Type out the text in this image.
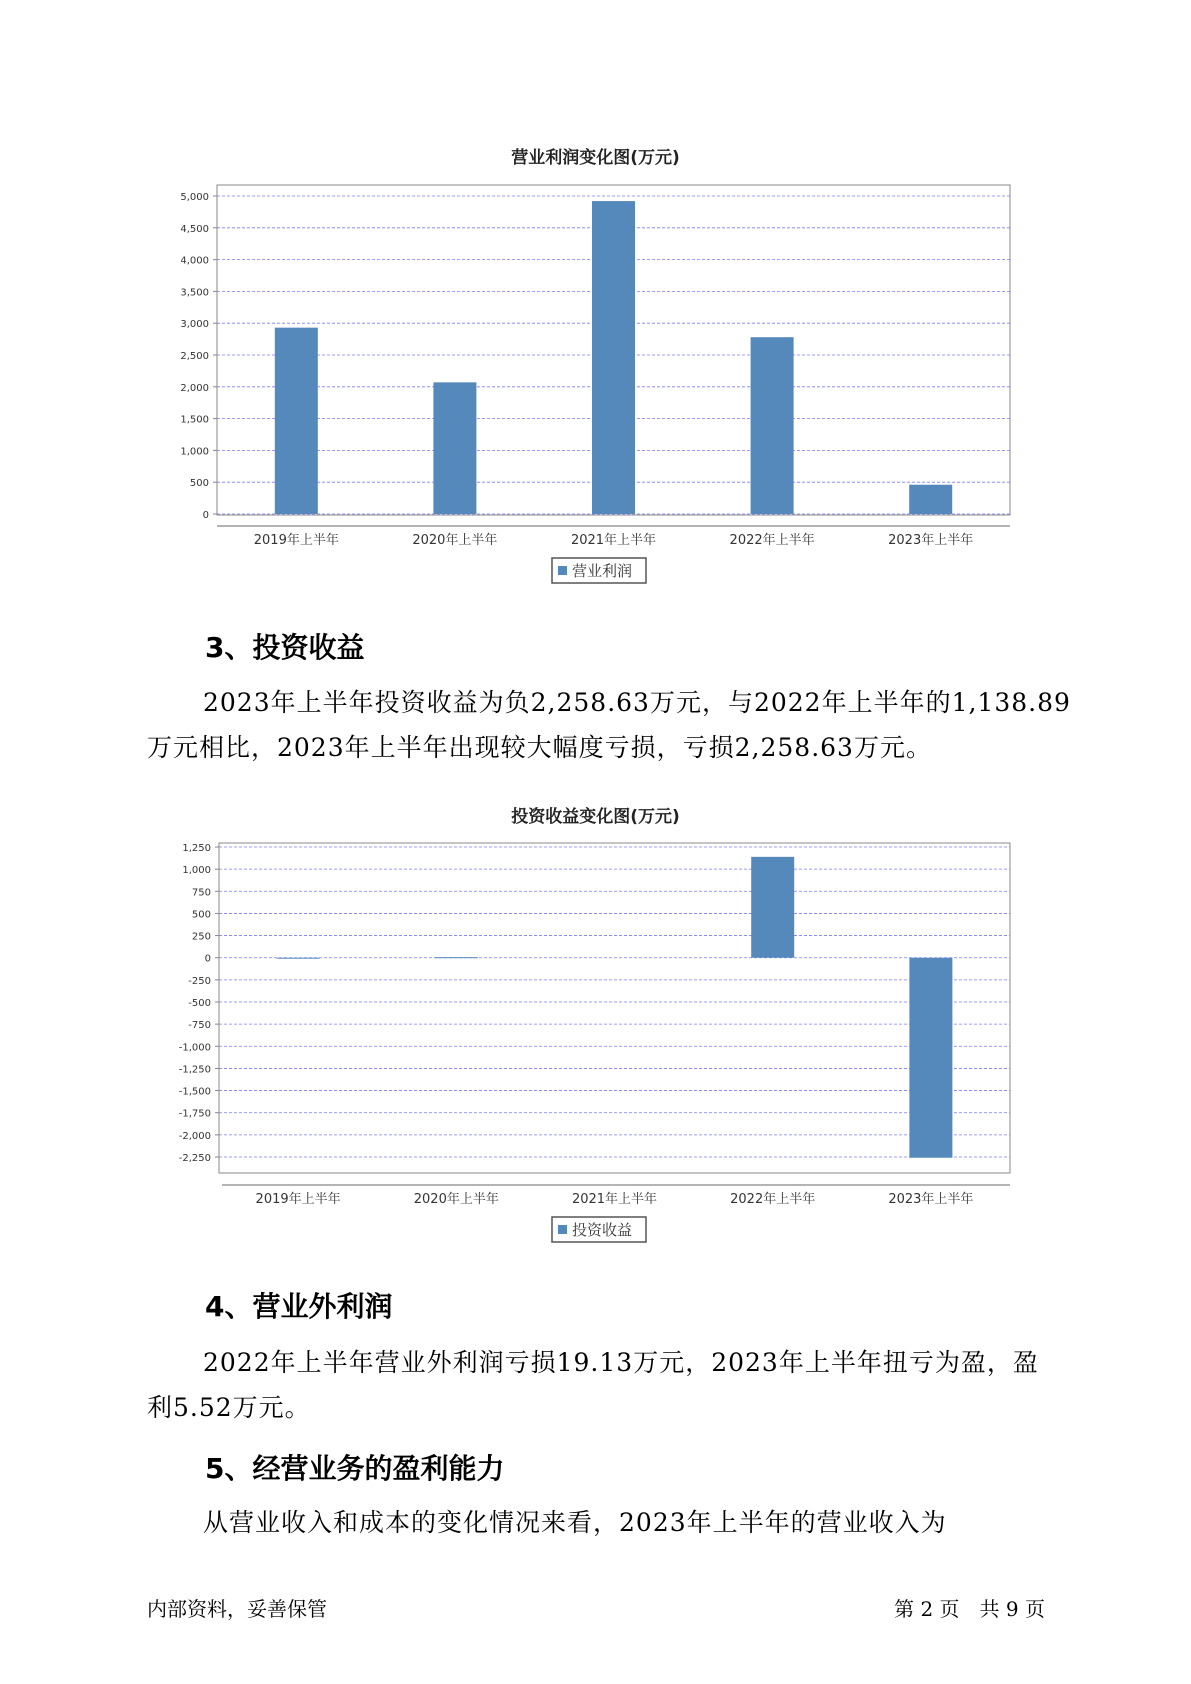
营业利润变化图(万元)
0
500
1,000
1,500
2,000
2,500
3,000
3,500
4,000
4,500
5,000
2019年上半年	2020年上半年	2021年上半年	2022年上半年	2023年上半年
营业利润
3、投资收益

2023年上半年投资收益为负2,258.63万元，与2022年上半年的1,138.89
万元相比，2023年上半年出现较大幅度亏损，亏损2,258.63万元。

投资收益变化图(万元)
1,250
1,000
750
500
250
0
-250
-500
-750
-1,000
-1,250
-1,500
-1,750
-2,000
-2,250
2019年上半年	2020年上半年	2021年上半年	2022年上半年	2023年上半年
投资收益
4、营业外利润

2022年上半年营业外利润亏损19.13万元，2023年上半年扭亏为盈，盈
利5.52万元。

5、经营业务的盈利能力

从营业收入和成本的变化情况来看，2023年上半年的营业收入为

内部资料，妥善保管	第 2 页　共 9 页
